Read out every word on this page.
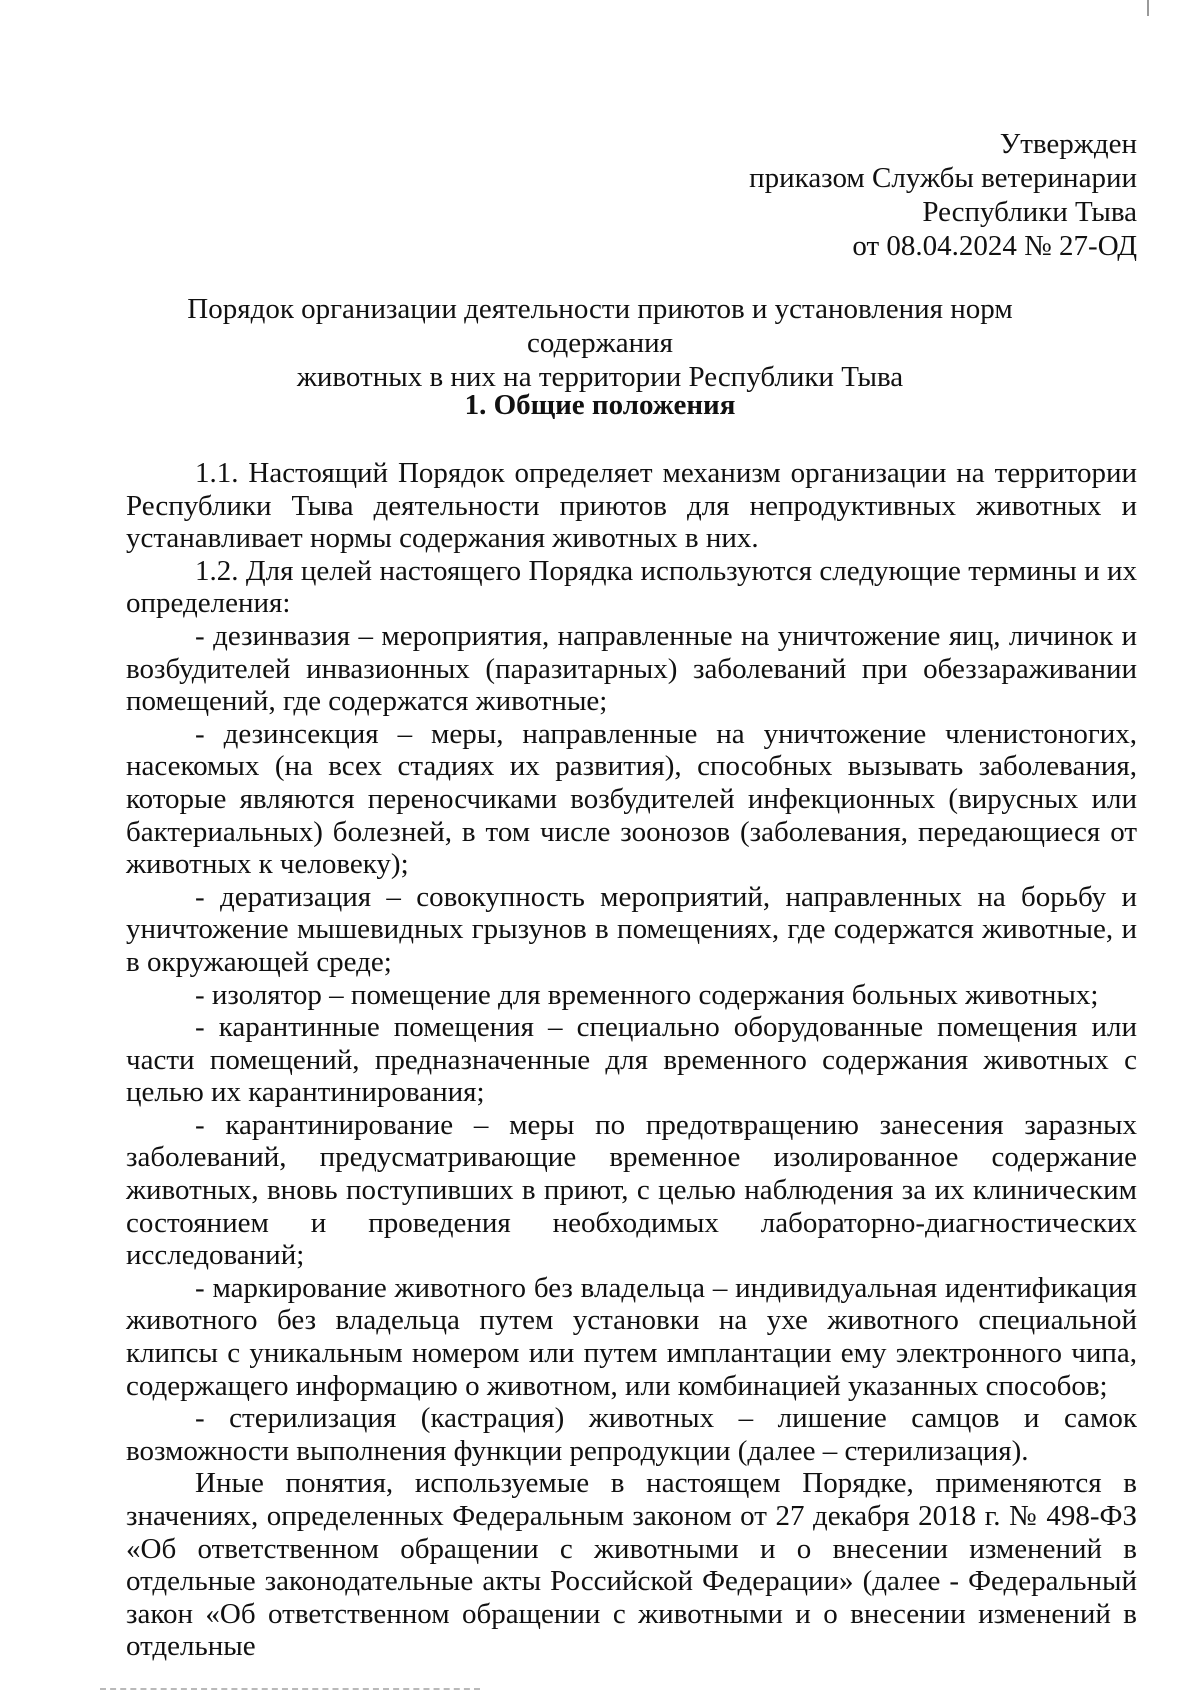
Утвержден
приказом Службы ветеринарии
Республики Тыва
от 08.04.2024 № 27-ОД
Порядок организации деятельности приютов и установления норм содержания
животных в них на территории Республики Тыва
1. Общие положения

1.1. Настоящий Порядок определяет механизм организации на территории Республики Тыва деятельности приютов для непродуктивных животных и устанавливает нормы содержания животных в них.

1.2. Для целей настоящего Порядка используются следующие термины и их определения:

- дезинвазия – мероприятия, направленные на уничтожение яиц, личинок и возбудителей инвазионных (паразитарных) заболеваний при обеззараживании помещений, где содержатся животные;

- дезинсекция – меры, направленные на уничтожение членистоногих, насекомых (на всех стадиях их развития), способных вызывать заболевания, которые являются переносчиками возбудителей инфекционных (вирусных или бактериальных) болезней, в том числе зоонозов (заболевания, передающиеся от животных к человеку);

- дератизация – совокупность мероприятий, направленных на борьбу и уничтожение мышевидных грызунов в помещениях, где содержатся животные, и в окружающей среде;

- изолятор – помещение для временного содержания больных животных;

- карантинные помещения – специально оборудованные помещения или части помещений, предназначенные для временного содержания животных с целью их карантинирования;

- карантинирование – меры по предотвращению занесения заразных заболеваний, предусматривающие временное изолированное содержание животных, вновь поступивших в приют, с целью наблюдения за их клиническим состоянием и проведения необходимых лабораторно-диагностических исследований;

- маркирование животного без владельца – индивидуальная идентификация животного без владельца путем установки на ухе животного специальной клипсы с уникальным номером или путем имплантации ему электронного чипа, содержащего информацию о животном, или комбинацией указанных способов;

- стерилизация (кастрация) животных – лишение самцов и самок возможности выполнения функции репродукции (далее – стерилизация).

Иные понятия, используемые в настоящем Порядке, применяются в значениях, определенных Федеральным законом от 27 декабря 2018 г. № 498-ФЗ «Об ответственном обращении с животными и о внесении изменений в отдельные законодательные акты Российской Федерации» (далее - Федеральный закон «Об ответственном обращении с животными и о внесении изменений в отдельные
